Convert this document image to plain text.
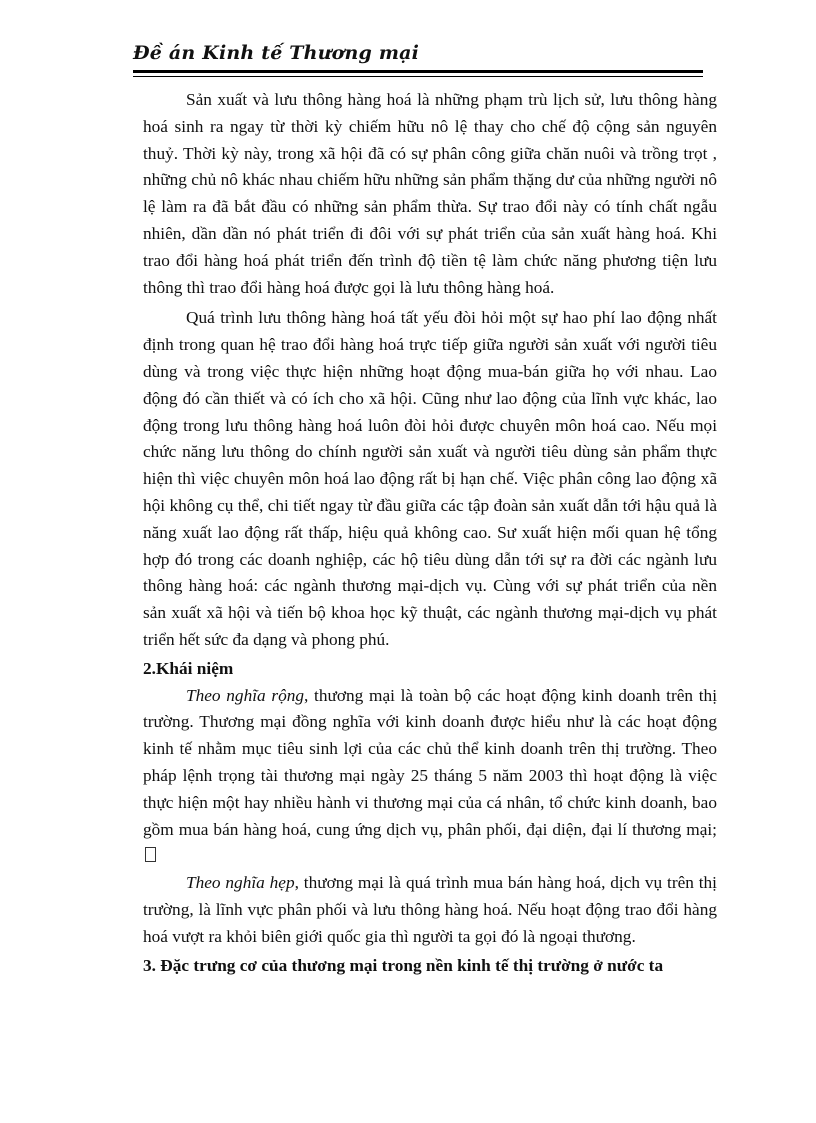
Đề án Kinh tế Thương mại

Sản xuất và lưu thông hàng hoá là những phạm trù lịch sử, lưu thông hàng hoá sinh ra ngay từ thời kỳ chiếm hữu nô lệ thay cho chế độ cộng sản nguyên thuỷ. Thời kỳ này, trong xã hội đã có sự phân công giữa chăn nuôi và trồng trọt , những chủ nô khác nhau chiếm hữu những sản phẩm thặng dư của những người nô lệ làm ra đã bắt đầu có những sản phẩm thừa. Sự trao đổi này có tính chất ngẫu nhiên, dần dần nó phát triển đi đôi với sự phát triển của sản xuất hàng hoá. Khi trao đổi hàng hoá phát triển đến trình độ tiền tệ làm chức năng phương tiện lưu thông thì trao đổi hàng hoá được gọi là lưu thông hàng hoá.

Quá trình lưu thông hàng hoá tất yếu đòi hỏi một sự hao phí lao động nhất định trong quan hệ trao đổi hàng hoá trực tiếp giữa người sản xuất với người tiêu dùng và trong việc thực hiện những hoạt động mua-bán giữa họ với nhau. Lao động đó cần thiết và có ích cho xã hội. Cũng như lao động của lĩnh vực khác, lao động trong lưu thông hàng hoá luôn đòi hỏi được chuyên môn hoá cao. Nếu mọi chức năng lưu thông do chính người sản xuất và người tiêu dùng sản phẩm thực hiện thì việc chuyên môn hoá lao động rất bị hạn chế. Việc phân công lao động xã hội không cụ thể, chi tiết ngay từ đầu giữa các tập đoàn sản xuất dẫn tới hậu quả là năng xuất lao động rất thấp, hiệu quả không cao. Sư xuất hiện mối quan hệ tổng hợp đó trong các doanh nghiệp, các hộ tiêu dùng dẫn tới sự ra đời các ngành lưu thông hàng hoá: các ngành thương mại-dịch vụ. Cùng với sự phát triển của nền sản xuất xã hội và tiến bộ khoa học kỹ thuật, các ngành thương mại-dịch vụ phát triển hết sức đa dạng và phong phú.

2.Khái niệm

Theo nghĩa rộng, thương mại là toàn bộ các hoạt động kinh doanh trên thị trường. Thương mại đồng nghĩa với kinh doanh được hiểu như là các hoạt động kinh tế nhằm mục tiêu sinh lợi của các chủ thể kinh doanh trên thị trường. Theo pháp lệnh trọng tài thương mại ngày 25 tháng 5 năm 2003 thì hoạt động là việc thực hiện một hay nhiều hành vi thương mại của cá nhân, tổ chức kinh doanh, bao gồm mua bán hàng hoá, cung ứng dịch vụ, phân phối, đại diện, đại lí thương mại;

Theo nghĩa hẹp, thương mại là quá trình mua bán hàng hoá, dịch vụ trên thị trường, là lĩnh vực phân phối và lưu thông hàng hoá. Nếu hoạt động trao đổi hàng hoá vượt ra khỏi biên giới quốc gia thì người ta gọi đó là ngoại thương.

3. Đặc trưng cơ của thương mại trong nền kinh tế thị trường ở nước ta
